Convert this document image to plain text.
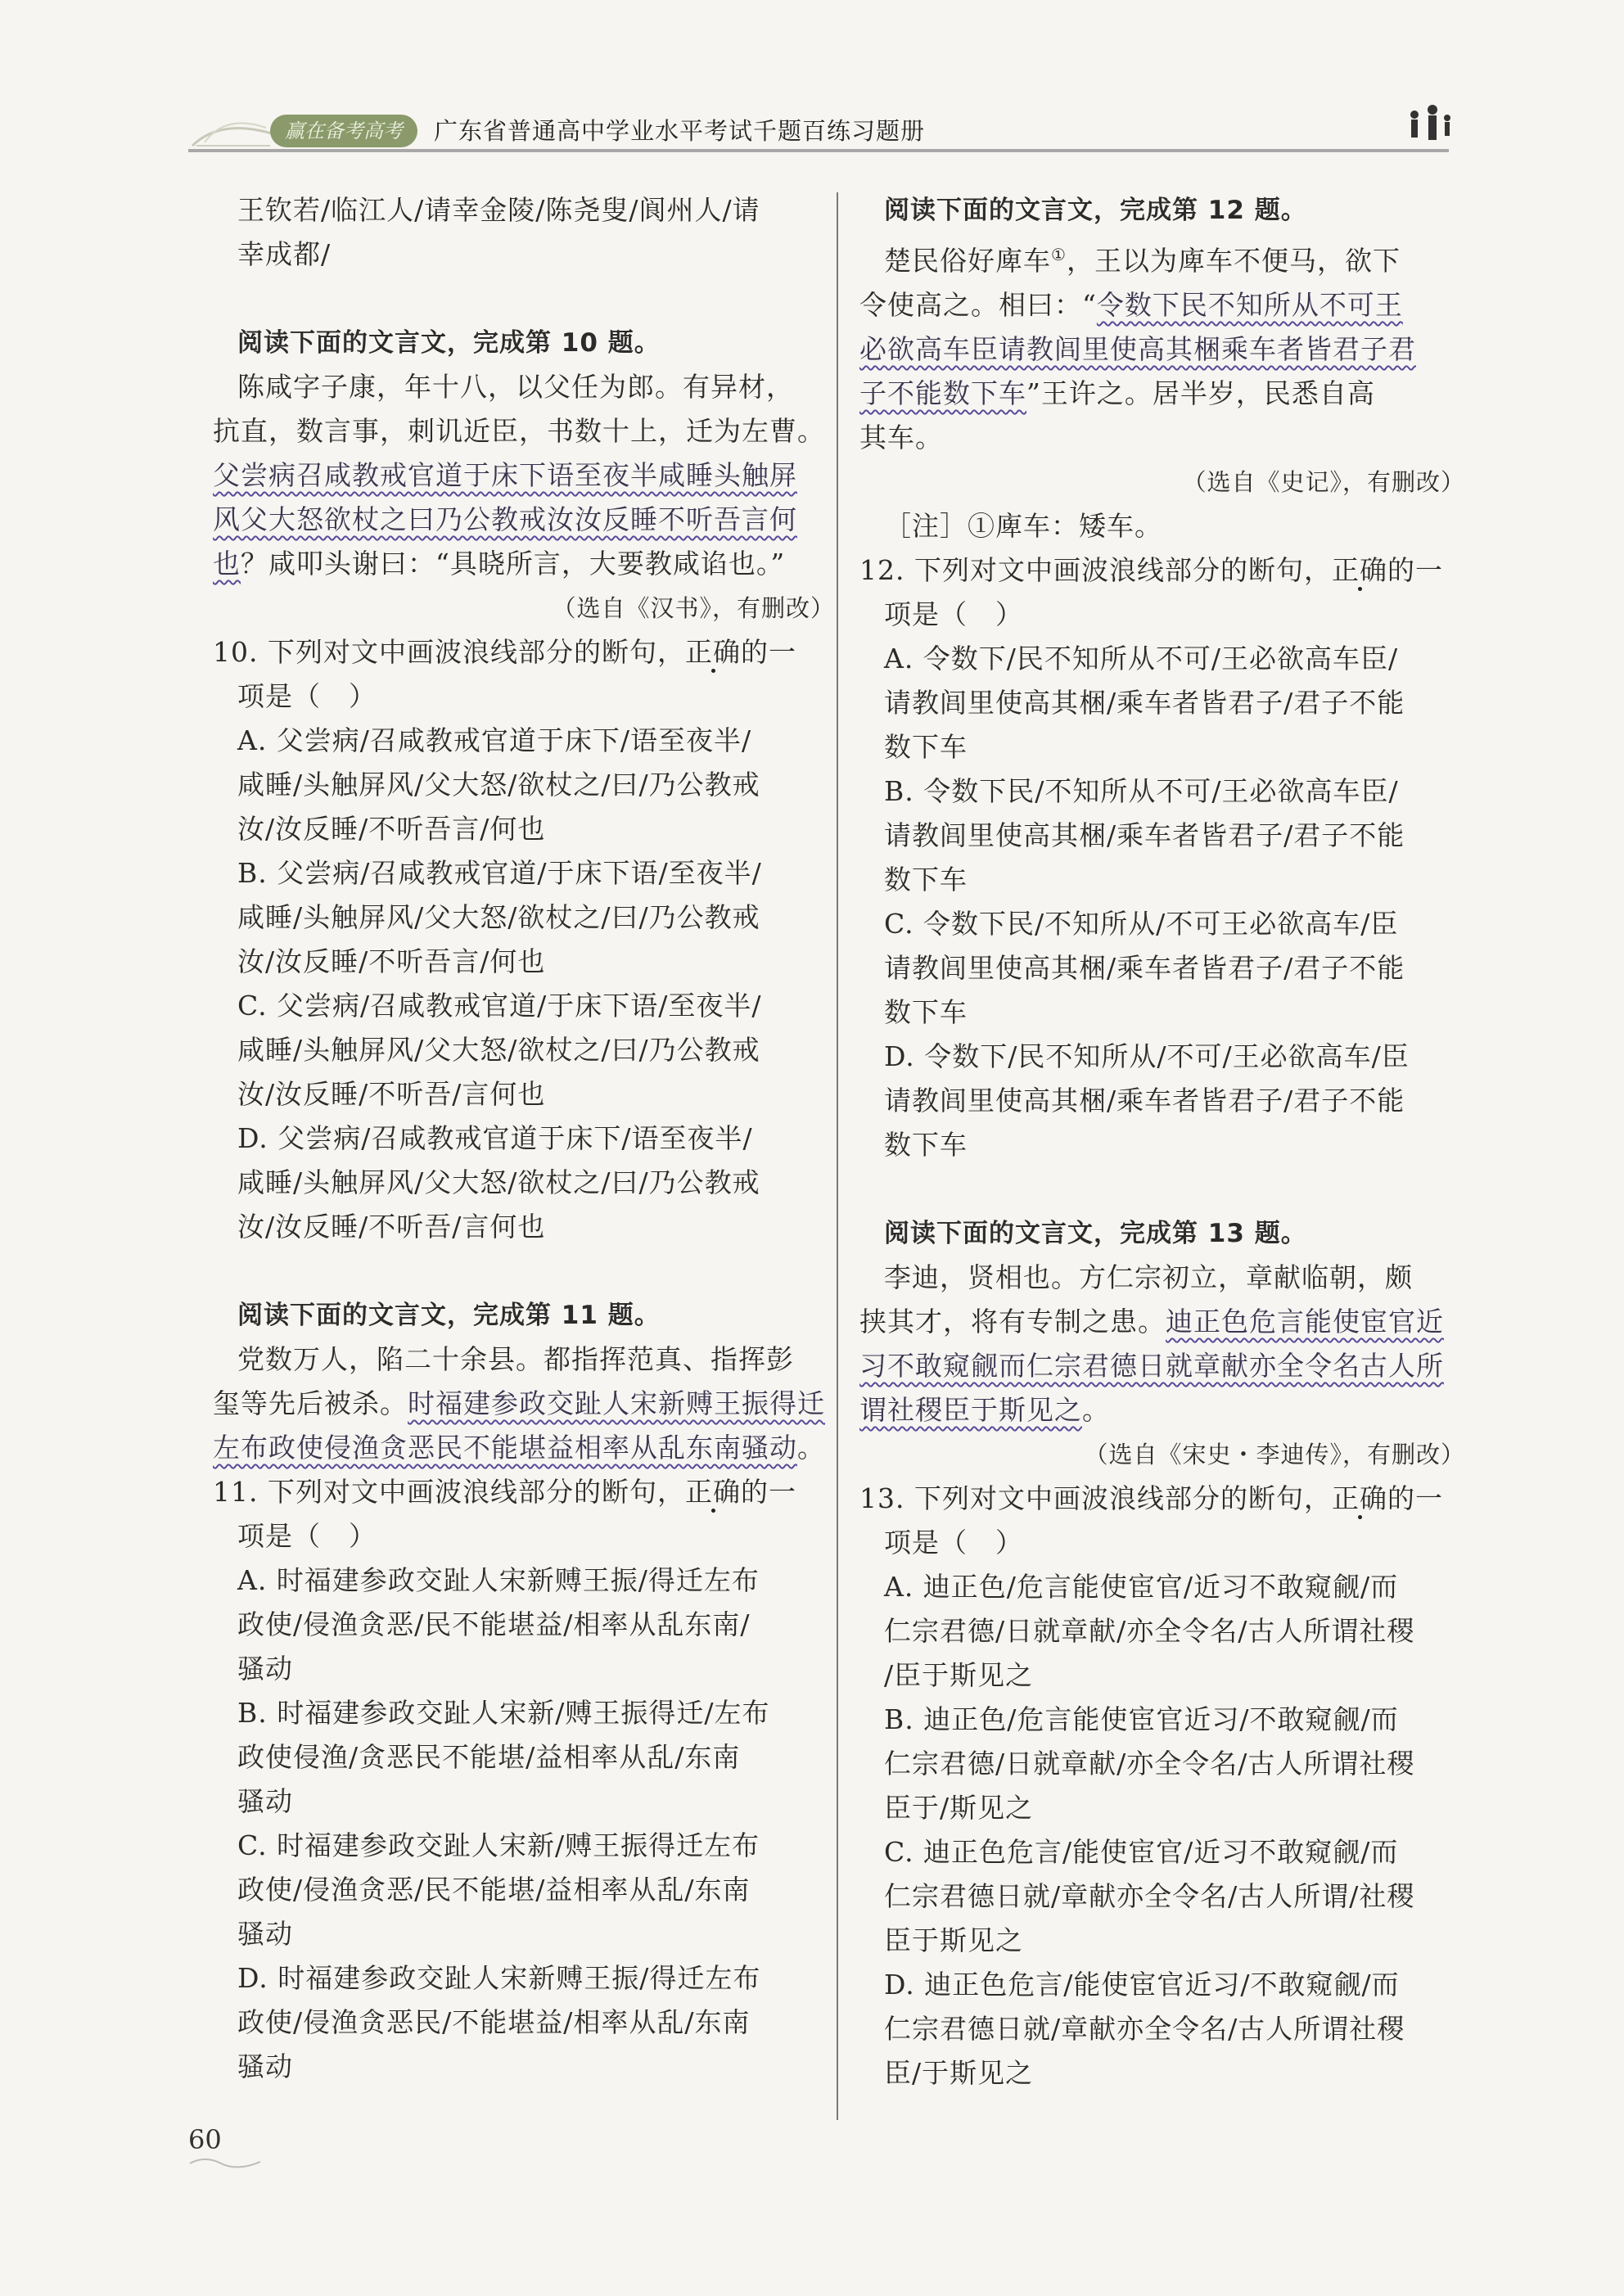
赢在备考高考	广东省普通高中学业水平考试千题百练习题册

王钦若/临江人/请幸金陵/陈尧叟/阆州人/请

幸成都/

阅读下面的文言文，完成第 10 题。

陈咸字子康，年十八，以父任为郎。有异材，

抗直，数言事，刺讥近臣，书数十上，迁为左曹。

父尝病召咸教戒官道于床下语至夜半咸睡头触屏

风父大怒欲杖之曰乃公教戒汝汝反睡不听吾言何

也？咸叩头谢曰：“具晓所言，大要教咸谄也。”

（选自《汉书》，有删改）

10. 下列对文中画波浪线部分的断句，正确的一

项是（　）

A. 父尝病/召咸教戒官道于床下/语至夜半/

咸睡/头触屏风/父大怒/欲杖之/曰/乃公教戒

汝/汝反睡/不听吾言/何也

B. 父尝病/召咸教戒官道/于床下语/至夜半/

咸睡/头触屏风/父大怒/欲杖之/曰/乃公教戒

汝/汝反睡/不听吾言/何也

C. 父尝病/召咸教戒官道/于床下语/至夜半/

咸睡/头触屏风/父大怒/欲杖之/曰/乃公教戒

汝/汝反睡/不听吾/言何也

D. 父尝病/召咸教戒官道于床下/语至夜半/

咸睡/头触屏风/父大怒/欲杖之/曰/乃公教戒

汝/汝反睡/不听吾/言何也

阅读下面的文言文，完成第 11 题。

党数万人，陷二十余县。都指挥范真、指挥彭

玺等先后被杀。时福建参政交趾人宋新赙王振得迁

左布政使侵渔贪恶民不能堪益相率从乱东南骚动。

11. 下列对文中画波浪线部分的断句，正确的一

项是（　）

A. 时福建参政交趾人宋新赙王振/得迁左布

政使/侵渔贪恶/民不能堪益/相率从乱东南/

骚动

B. 时福建参政交趾人宋新/赙王振得迁/左布

政使侵渔/贪恶民不能堪/益相率从乱/东南

骚动

C. 时福建参政交趾人宋新/赙王振得迁左布

政使/侵渔贪恶/民不能堪/益相率从乱/东南

骚动

D. 时福建参政交趾人宋新赙王振/得迁左布

政使/侵渔贪恶民/不能堪益/相率从乱/东南

骚动

阅读下面的文言文，完成第 12 题。

楚民俗好庳车①，王以为庳车不便马，欲下

令使高之。相曰：“令数下民不知所从不可王

必欲高车臣请教闾里使高其梱乘车者皆君子君

子不能数下车”王许之。居半岁，民悉自高

其车。

（选自《史记》，有删改）

［注］①庳车：矮车。

12. 下列对文中画波浪线部分的断句，正确的一

项是（　）

A. 令数下/民不知所从不可/王必欲高车臣/

请教闾里使高其梱/乘车者皆君子/君子不能

数下车

B. 令数下民/不知所从不可/王必欲高车臣/

请教闾里使高其梱/乘车者皆君子/君子不能

数下车

C. 令数下民/不知所从/不可王必欲高车/臣

请教闾里使高其梱/乘车者皆君子/君子不能

数下车

D. 令数下/民不知所从/不可/王必欲高车/臣

请教闾里使高其梱/乘车者皆君子/君子不能

数下车

阅读下面的文言文，完成第 13 题。

李迪，贤相也。方仁宗初立，章献临朝，颇

挟其才，将有专制之患。迪正色危言能使宦官近

习不敢窥觎而仁宗君德日就章献亦全令名古人所

谓社稷臣于斯见之。

（选自《宋史・李迪传》，有删改）

13. 下列对文中画波浪线部分的断句，正确的一

项是（　）

A. 迪正色/危言能使宦官/近习不敢窥觎/而

仁宗君德/日就章献/亦全令名/古人所谓社稷

/臣于斯见之

B. 迪正色/危言能使宦官近习/不敢窥觎/而

仁宗君德/日就章献/亦全令名/古人所谓社稷

臣于/斯见之

C. 迪正色危言/能使宦官/近习不敢窥觎/而

仁宗君德日就/章献亦全令名/古人所谓/社稷

臣于斯见之

D. 迪正色危言/能使宦官近习/不敢窥觎/而

仁宗君德日就/章献亦全令名/古人所谓社稷

臣/于斯见之

60
